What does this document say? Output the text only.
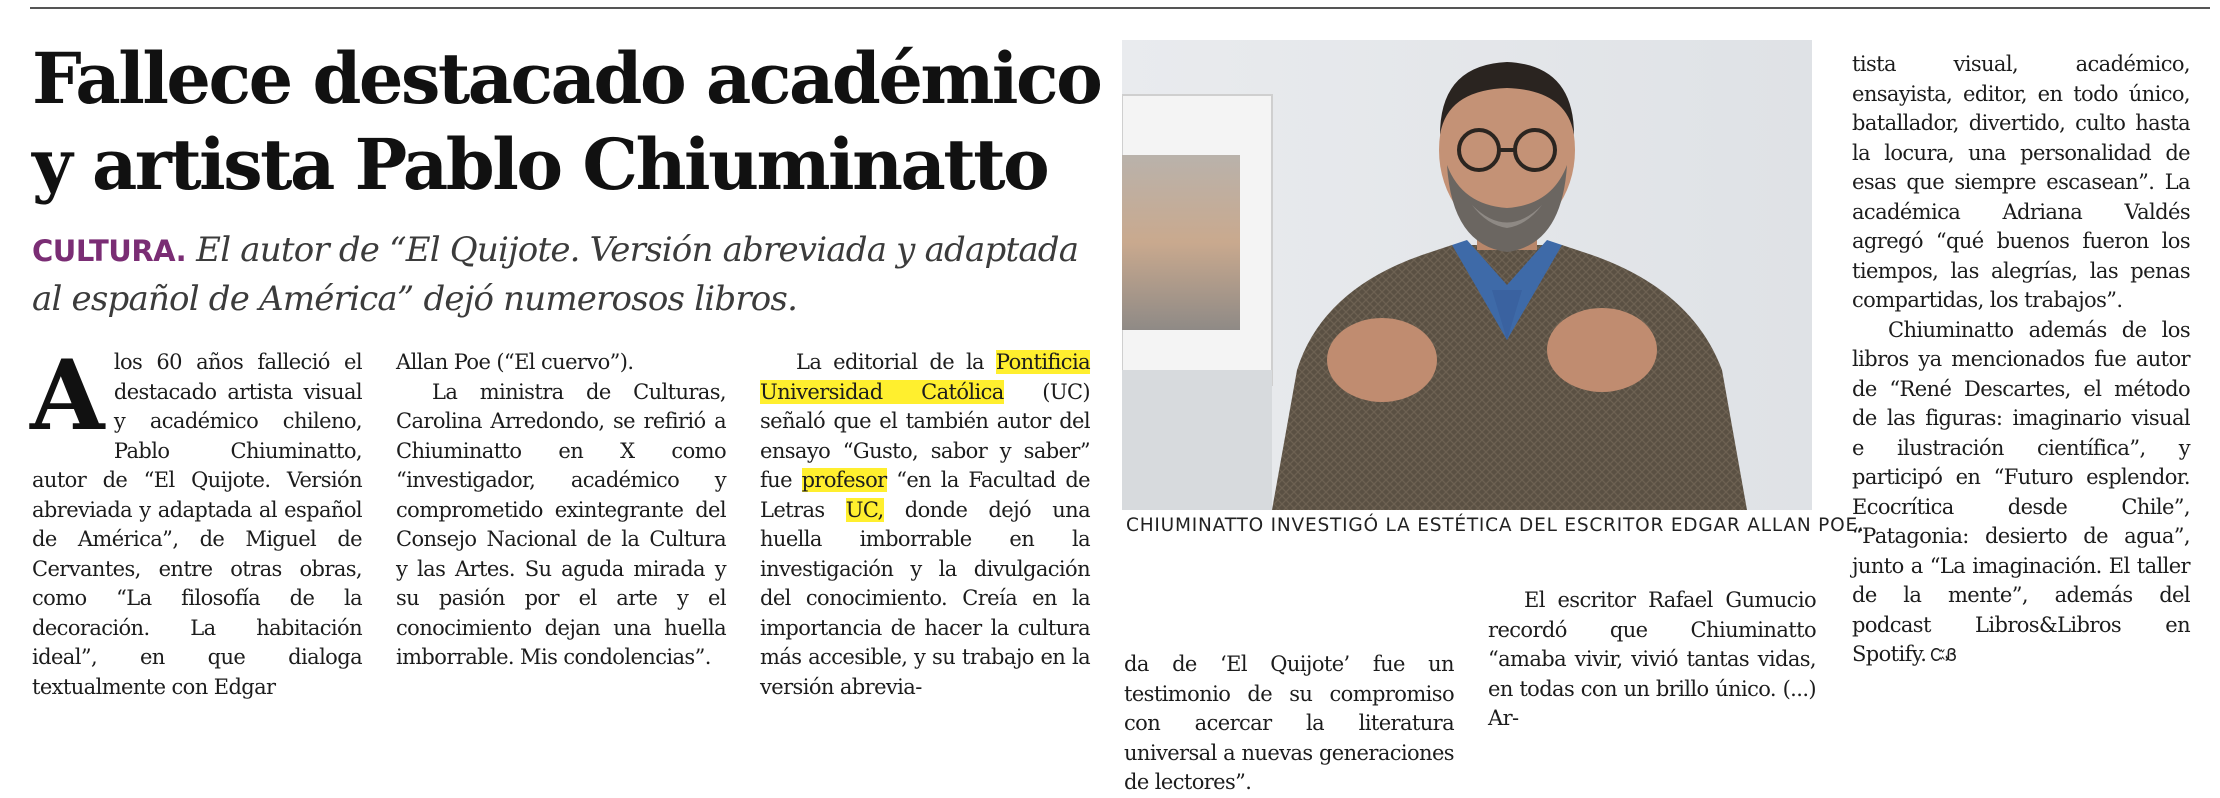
Fallece destacado académico
y artista Pablo Chiuminatto

CULTURA. El autor de “El Quijote. Versión abreviada y adaptada al español de América” dejó numerosos libros.

Alos 60 años falleció el destacado artista visual y académico chileno, Pablo Chiuminatto, autor de “El Quijote. Versión abreviada y adaptada al español de América”, de Miguel de Cervantes, entre otras obras, como “La filosofía de la decoración. La habitación ideal”, en que dialoga textualmente con Edgar

Allan Poe (“El cuervo”).

La ministra de Culturas, Carolina Arredondo, se refirió a Chiuminatto en X como “investigador, académico y comprometido exintegrante del Consejo Nacional de la Cultura y las Artes. Su aguda mirada y su pasión por el arte y el conocimiento dejan una huella imborrable. Mis condolencias”.

La editorial de la Pontificia Universidad Católica (UC) señaló que el también autor del ensayo “Gusto, sabor y saber” fue profesor “en la Facultad de Letras UC, donde dejó una huella imborrable en la investigación y la divulgación del conocimiento. Creía en la importancia de hacer la cultura más accesible, y su trabajo en la versión abrevia-

CHIUMINATTO INVESTIGÓ LA ESTÉTICA DEL ESCRITOR EDGAR ALLAN POE.

da de ‘El Quijote’ fue un testimonio de su compromiso con acercar la literatura universal a nuevas generaciones de lectores”.

El escritor Rafael Gumucio recordó que Chiuminatto “amaba vivir, vivió tantas vidas, en todas con un brillo único. (...) Ar-

tista visual, académico, ensayista, editor, en todo único, batallador, divertido, culto hasta la locura, una personalidad de esas que siempre escasean”. La académica Adriana Valdés agregó “qué buenos fueron los tiempos, las alegrías, las penas compartidas, los trabajos”.

Chiuminatto además de los libros ya mencionados fue autor de “René Descartes, el método de las figuras: imaginario visual e ilustración científica”, y participó en “Futuro esplendor. Ecocrítica desde Chile”, “Patagonia: desierto de agua”, junto a “La imaginación. El taller de la mente”, además del podcast Libros&Libros en Spotify. ᏨᏰ
